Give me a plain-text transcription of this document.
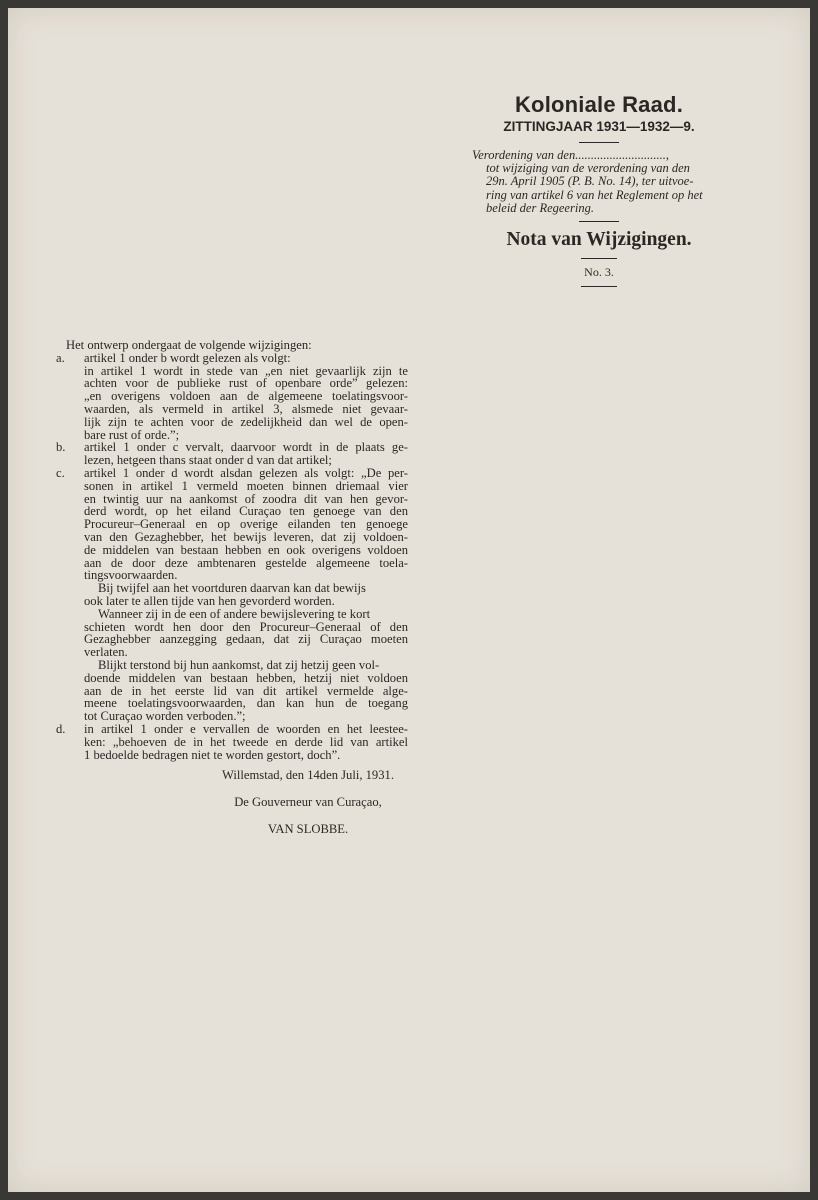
Koloniale Raad.
ZITTINGJAAR 1931—1932—9.
Verordening van den.............................,
tot wijziging van de verordening van den
29n. April 1905 (P. B. No. 14), ter uitvoe-
ring van artikel 6 van het Reglement op het
beleid der Regeering.
Nota van Wijzigingen.
No. 3.
Het ontwerp ondergaat de volgende wijzigingen:
a.	artikel 1 onder b wordt gelezen als volgt:
in artikel 1 wordt in stede van „en niet gevaarlijk zijn te
achten voor de publieke rust of openbare orde” gelezen:
„en overigens voldoen aan de algemeene toelatingsvoor-
waarden, als vermeld in artikel 3, alsmede niet gevaar-
lijk zijn te achten voor de zedelijkheid dan wel de open-
bare rust of orde.”;
b.	artikel 1 onder c vervalt, daarvoor wordt in de plaats ge-
lezen, hetgeen thans staat onder d van dat artikel;
c.	artikel 1 onder d wordt alsdan gelezen als volgt: „De per-
sonen in artikel 1 vermeld moeten binnen driemaal vier
en twintig uur na aankomst of zoodra dit van hen gevor-
derd wordt, op het eiland Curaçao ten genoege van den
Procureur–Generaal en op overige eilanden ten genoege
van den Gezaghebber, het bewijs leveren, dat zij voldoen-
de middelen van bestaan hebben en ook overigens voldoen
aan de door deze ambtenaren gestelde algemeene toela-
tingsvoorwaarden.
Bij twijfel aan het voortduren daarvan kan dat bewijs
ook later te allen tijde van hen gevorderd worden.
Wanneer zij in de een of andere bewijslevering te kort
schieten wordt hen door den Procureur–Generaal of den
Gezaghebber aanzegging gedaan, dat zij Curaçao moeten
verlaten.
Blijkt terstond bij hun aankomst, dat zij hetzij geen vol-
doende middelen van bestaan hebben, hetzij niet voldoen
aan de in het eerste lid van dit artikel vermelde alge-
meene toelatingsvoorwaarden, dan kan hun de toegang
tot Curaçao worden verboden.”;
d.	in artikel 1 onder e vervallen de woorden en het leestee-
ken: „behoeven de in het tweede en derde lid van artikel
1 bedoelde bedragen niet te worden gestort, doch”.
Willemstad, den 14den Juli, 1931.
De Gouverneur van Curaçao,
VAN SLOBBE.
